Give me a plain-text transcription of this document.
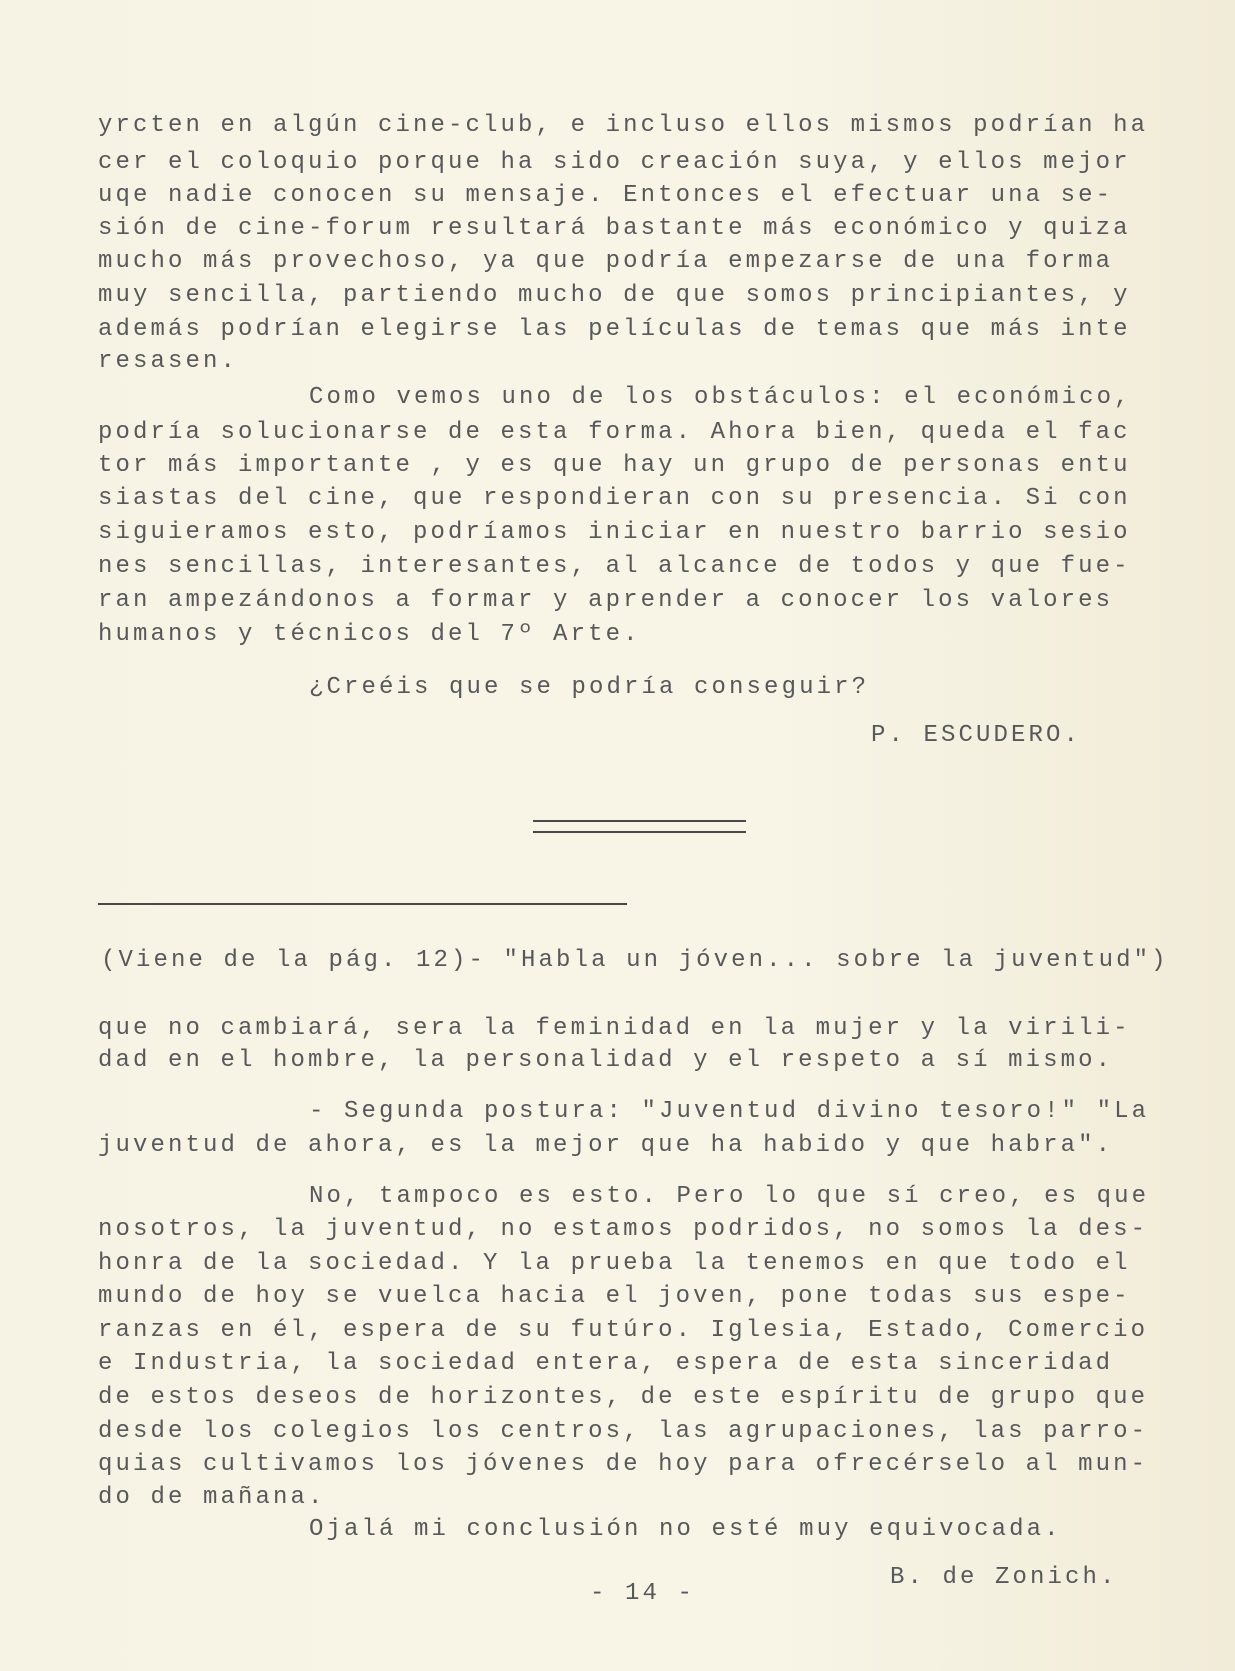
yrcten en algún cine-club, e incluso ellos mismos podrían ha
cer el coloquio porque ha sido creación suya, y ellos mejor
uqe nadie conocen su mensaje. Entonces el efectuar una se-
sión de cine-forum resultará bastante más económico y quiza
mucho más provechoso, ya que podría empezarse de una forma
muy sencilla, partiendo mucho de que somos principiantes, y
además podrían elegirse las películas de temas que más inte
resasen.
Como vemos uno de los obstáculos: el económico,
podría solucionarse de esta forma. Ahora bien, queda el fac
tor más importante , y es que hay un grupo de personas entu
siastas del cine, que respondieran con su presencia. Si con
siguieramos esto, podríamos iniciar en nuestro barrio sesio
nes sencillas, interesantes, al alcance de todos y que fue-
ran ampezándonos a formar y aprender a conocer los valores
humanos y técnicos del 7º Arte.
¿Creéis que se podría conseguir?
P. ESCUDERO.
(Viene de la pág. 12)- "Habla un jóven... sobre la juventud")
que no cambiará, sera la feminidad en la mujer y la virili-
dad en el hombre, la personalidad y el respeto a sí mismo.
- Segunda postura: "Juventud divino tesoro!" "La
juventud de ahora, es la mejor que ha habido y que habra".
No, tampoco es esto. Pero lo que sí creo, es que
nosotros, la juventud, no estamos podridos, no somos la des-
honra de la sociedad. Y la prueba la tenemos en que todo el
mundo de hoy se vuelca hacia el joven, pone todas sus espe-
ranzas en él, espera de su futúro. Iglesia, Estado, Comercio
e Industria, la sociedad entera, espera de esta sinceridad
de estos deseos de horizontes, de este espíritu de grupo que
desde los colegios los centros, las agrupaciones, las parro-
quias cultivamos los jóvenes de hoy para ofrecérselo al mun-
do de mañana.
Ojalá mi conclusión no esté muy equivocada.
B. de Zonich.
- 14 -
